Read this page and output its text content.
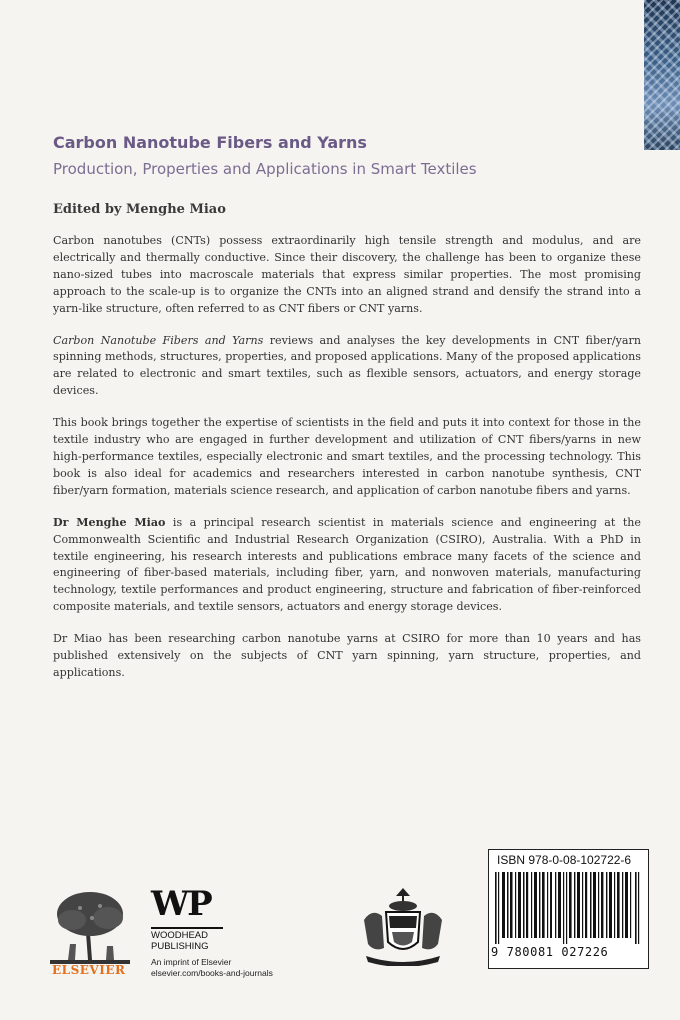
Carbon Nanotube Fibers and Yarns
Production, Properties and Applications in Smart Textiles
Edited by Menghe Miao

Carbon nanotubes (CNTs) possess extraordinarily high tensile strength and modulus, and are electrically and thermally conductive. Since their discovery, the challenge has been to organize these nano-sized tubes into macroscale materials that express similar properties. The most promising approach to the scale-up is to organize the CNTs into an aligned strand and densify the strand into a yarn-like structure, often referred to as CNT fibers or CNT yarns.

Carbon Nanotube Fibers and Yarns reviews and analyses the key developments in CNT fiber/yarn spinning methods, structures, properties, and proposed applications. Many of the proposed applications are related to electronic and smart textiles, such as flexible sensors, actuators, and energy storage devices.

This book brings together the expertise of scientists in the field and puts it into context for those in the textile industry who are engaged in further development and utilization of CNT fibers/yarns in new high-performance textiles, especially electronic and smart textiles, and the processing technology. This book is also ideal for academics and researchers interested in carbon nanotube synthesis, CNT fiber/yarn formation, materials science research, and application of carbon nanotube fibers and yarns.

Dr Menghe Miao is a principal research scientist in materials science and engineering at the Commonwealth Scientific and Industrial Research Organization (CSIRO), Australia. With a PhD in textile engineering, his research interests and publications embrace many facets of the science and engineering of fiber-based materials, including fiber, yarn, and nonwoven materials, manufacturing technology, textile performances and product engineering, structure and fabrication of fiber-reinforced composite materials, and textile sensors, actuators and energy storage devices.

Dr Miao has been researching carbon nanotube yarns at CSIRO for more than 10 years and has published extensively on the subjects of CNT yarn spinning, yarn structure, properties, and applications.

ELSEVIER
WP
WOODHEAD
PUBLISHING
An imprint of Elsevier
elsevier.com/books-and-journals
ISBN 978-0-08-102722-6
9 780081 027226
